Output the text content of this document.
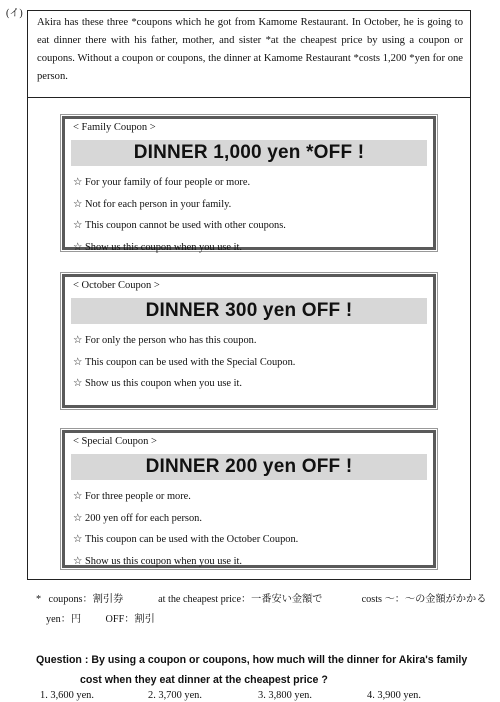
(イ)
Akira has these three *coupons which he got from Kamome Restaurant. In October, he is going to eat dinner there with his father, mother, and sister *at the cheapest price by using a coupon or coupons. Without a coupon or coupons, the dinner at Kamome Restaurant *costs 1,200 *yen for one person.
< Family Coupon >
DINNER 1,000 yen *OFF !
☆ For your family of four people or more.
☆ Not for each person in your family.
☆ This coupon cannot be used with other coupons.
☆ Show us this coupon when you use it.
< October Coupon >
DINNER 300 yen OFF !
☆ For only the person who has this coupon.
☆ This coupon can be used with the Special Coupon.
☆ Show us this coupon when you use it.
< Special Coupon >
DINNER 200 yen OFF !
☆ For three people or more.
☆ 200 yen off for each person.
☆ This coupon can be used with the October Coupon.
☆ Show us this coupon when you use it.
* coupons：割引券	at the cheapest price：一番安い金額で	costs ～：～の金額がかかる
yen：円 OFF：割引
Question : By using a coupon or coupons, how much will the dinner for Akira's family
cost when they eat dinner at the cheapest price ?
1. 3,600 yen.	2. 3,700 yen.	3. 3,800 yen.	4. 3,900 yen.
